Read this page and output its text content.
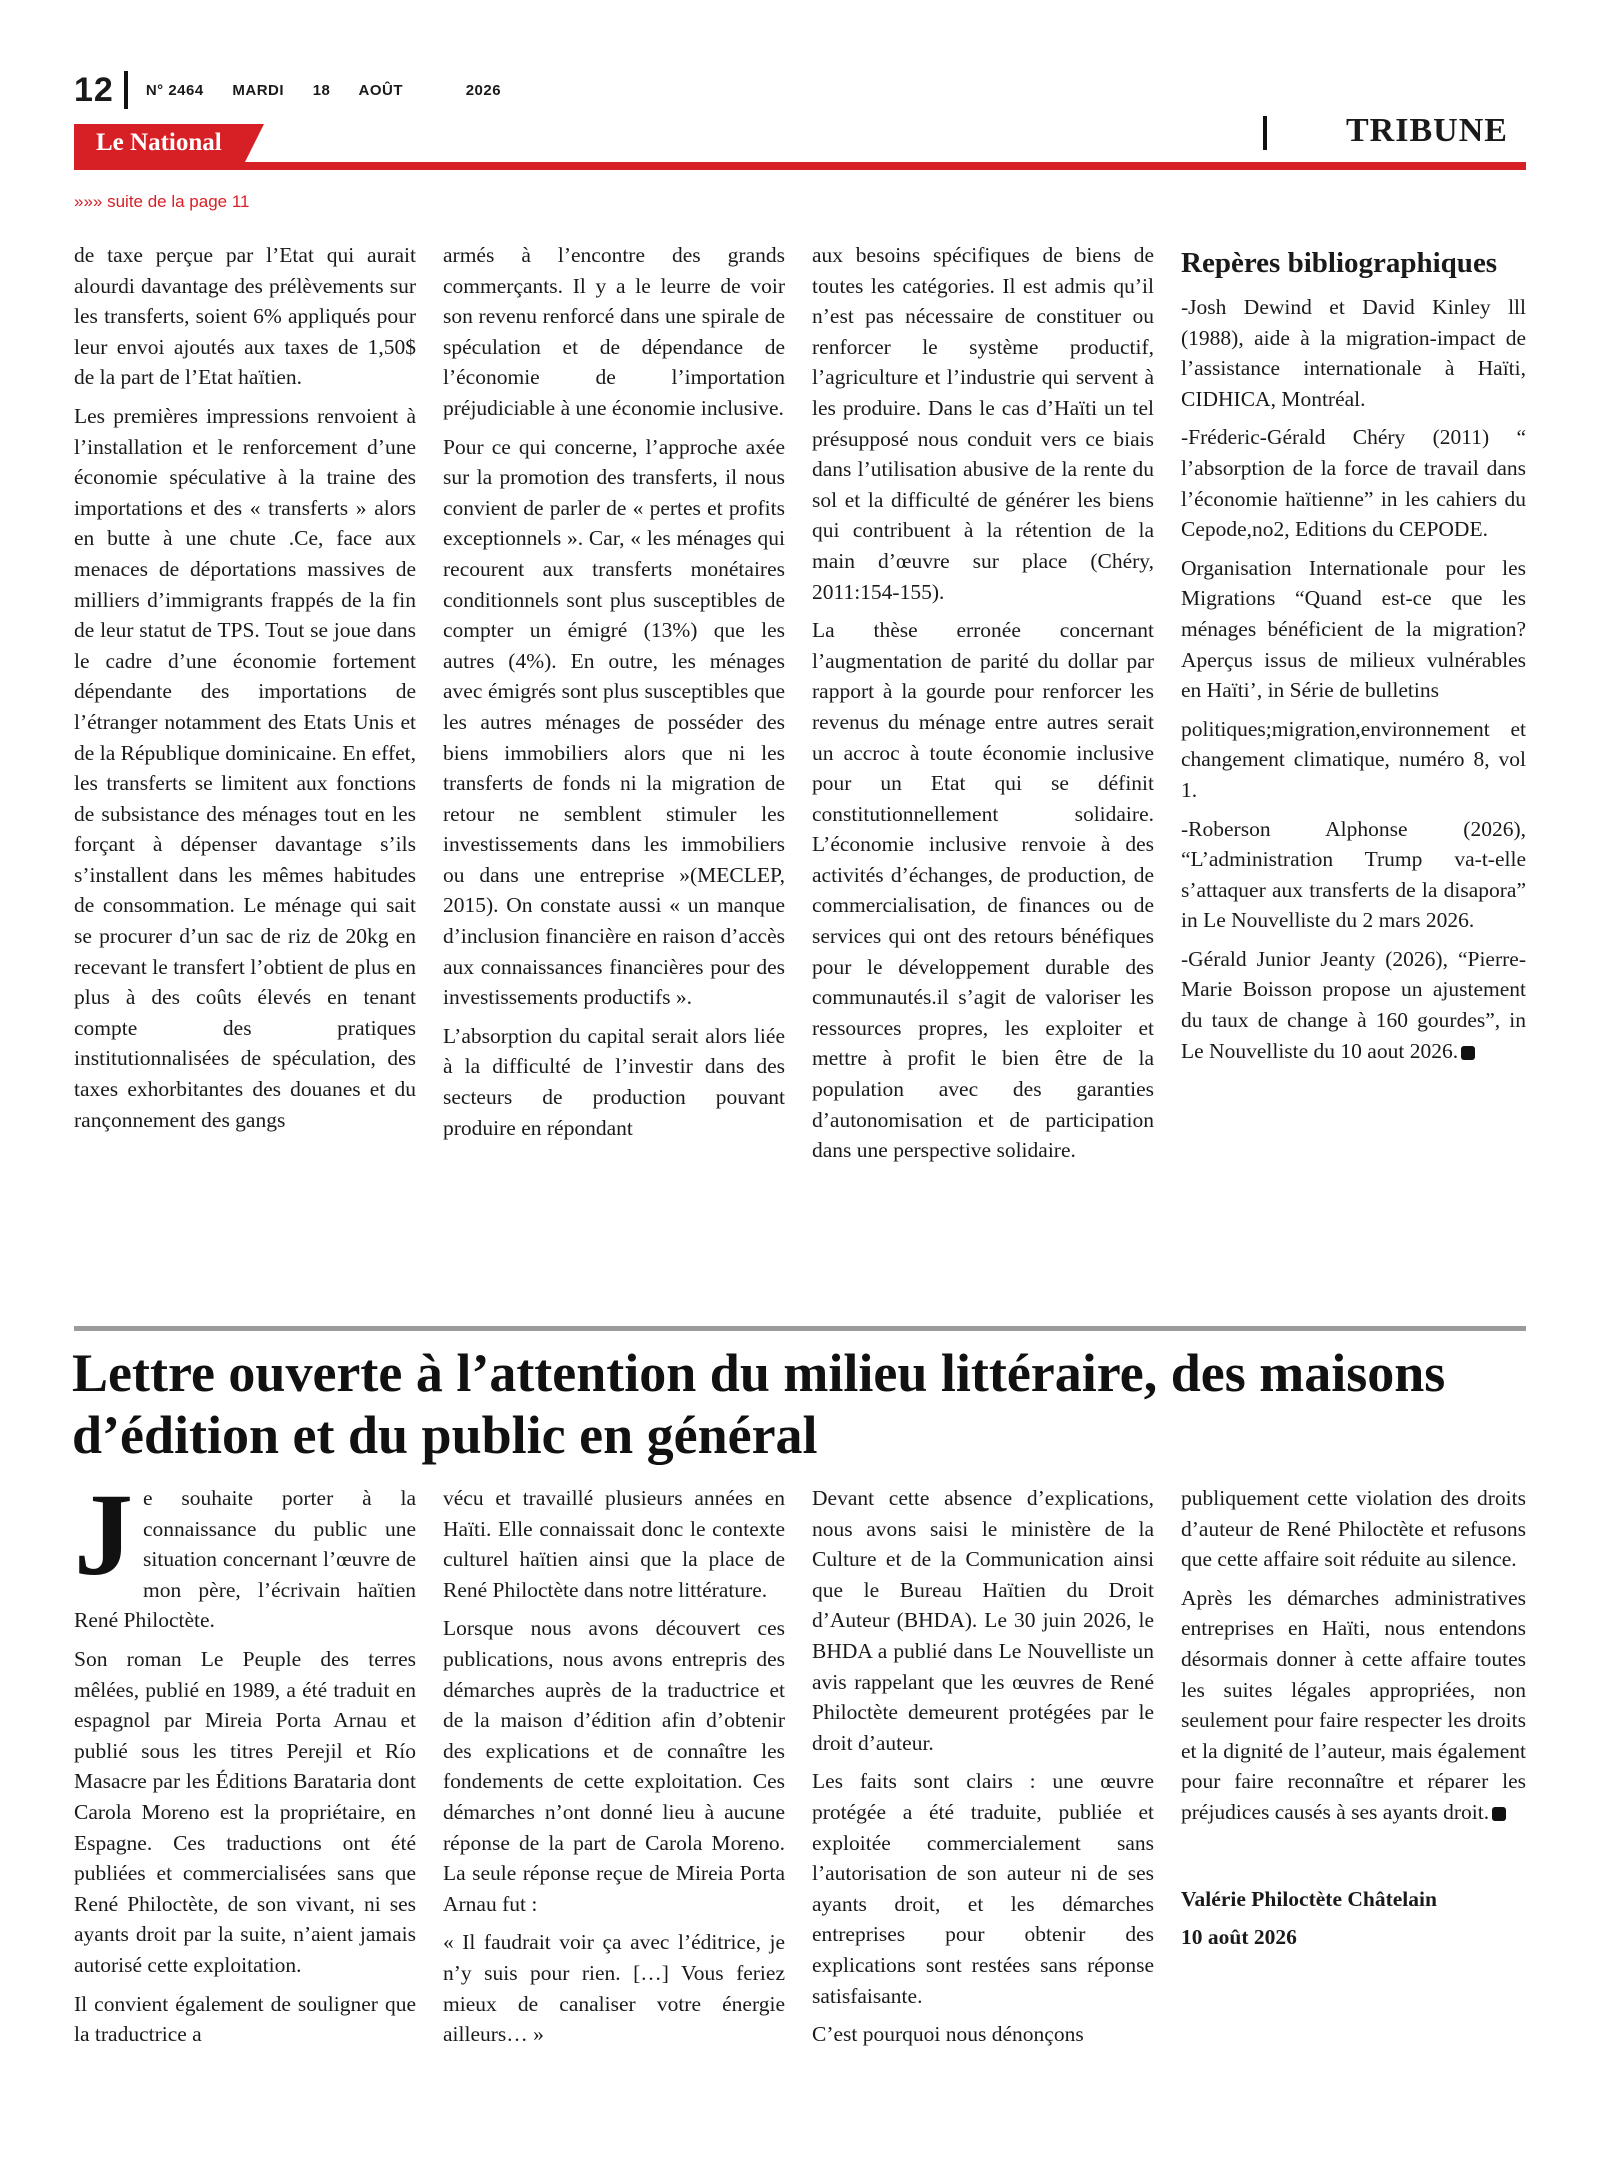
12 N° 2464 MARDI 18 AOÛT	2026
Le National	TRIBUNE
»»» suite de la page 11

de taxe perçue par l’Etat qui aurait alourdi davantage des prélèvements sur les transferts, soient 6% appliqués pour leur envoi ajoutés aux taxes de 1,50$ de la part de l’Etat haïtien.

Les premières impressions renvoient à l’installation et le renforcement d’une économie spéculative à la traine des importations et des « transferts » alors en butte à une chute .Ce, face aux menaces de déportations massives de milliers d’immigrants frappés de la fin de leur statut de TPS. Tout se joue dans le cadre d’une économie fortement dépendante des importations de l’étranger notamment des Etats Unis et de la République dominicaine. En effet, les transferts se limitent aux fonctions de subsistance des ménages tout en les forçant à dépenser davantage s’ils s’installent dans les mêmes habitudes de consommation. Le ménage qui sait se procurer d’un sac de riz de 20kg en recevant le transfert l’obtient de plus en plus à des coûts élevés en tenant compte des pratiques institutionnalisées de spéculation, des taxes exhorbitantes des douanes et du rançonnement des gangs

armés à l’encontre des grands commerçants. Il y a le leurre de voir son revenu renforcé dans une spirale de spéculation et de dépendance de l’économie de l’importation préjudiciable à une économie inclusive.

Pour ce qui concerne, l’approche axée sur la promotion des transferts, il nous convient de parler de « pertes et profits exceptionnels ». Car, « les ménages qui recourent aux transferts monétaires conditionnels sont plus susceptibles de compter un émigré (13%) que les autres (4%). En outre, les ménages avec émigrés sont plus susceptibles que les autres ménages de posséder des biens immobiliers alors que ni les transferts de fonds ni la migration de retour ne semblent stimuler les investissements dans les immobiliers ou dans une entreprise »(MECLEP, 2015). On constate aussi « un manque d’inclusion financière en raison d’accès aux connaissances financières pour des investissements productifs ».

L’absorption du capital serait alors liée à la difficulté de l’investir dans des secteurs de production pouvant produire en répondant

aux besoins spécifiques de biens de toutes les catégories. Il est admis qu’il n’est pas nécessaire de constituer ou renforcer le système productif, l’agriculture et l’industrie qui servent à les produire. Dans le cas d’Haïti un tel présupposé nous conduit vers ce biais dans l’utilisation abusive de la rente du sol et la difficulté de générer les biens qui contribuent à la rétention de la main d’œuvre sur place (Chéry, 2011:154-155).

La thèse erronée concernant l’augmentation de parité du dollar par rapport à la gourde pour renforcer les revenus du ménage entre autres serait un accroc à toute économie inclusive pour un Etat qui se définit constitutionnellement solidaire. L’économie inclusive renvoie à des activités d’échanges, de production, de commercialisation, de finances ou de services qui ont des retours bénéfiques pour le développement durable des communautés.il s’agit de valoriser les ressources propres, les exploiter et mettre à profit le bien être de la population avec des garanties d’autonomisation et de participation dans une perspective solidaire.

Repères bibliographiques

-Josh Dewind et David Kinley lll (1988), aide à la migration-impact de l’assistance internationale à Haïti, CIDHICA, Montréal.

-Fréderic-Gérald Chéry (2011) “ l’absorption de la force de travail dans l’économie haïtienne” in les cahiers du Cepode,no2, Editions du CEPODE.

Organisation Internationale pour les Migrations “Quand est-ce que les ménages bénéficient de la migration?Aperçus issus de milieux vulnérables en Haïti’, in Série de bulletins

politiques;migration,environnement et changement climatique, numéro 8, vol 1.

-Roberson Alphonse (2026), “L’administration Trump va-t-elle s’attaquer aux transferts de la disapora” in Le Nouvelliste du 2 mars 2026.

-Gérald Junior Jeanty (2026), “Pierre-Marie Boisson propose un ajustement du taux de change à 160 gourdes”, in Le Nouvelliste du 10 aout 2026.

Lettre ouverte à l’attention du milieu littéraire, des maisons d’édition et du public en général

Je souhaite porter à la connaissance du public une situation concernant l’œuvre de mon père, l’écrivain haïtien René Philoctète.

Son roman Le Peuple des terres mêlées, publié en 1989, a été traduit en espagnol par Mireia Porta Arnau et publié sous les titres Perejil et Río Masacre par les Éditions Barataria dont Carola Moreno est la propriétaire, en Espagne. Ces traductions ont été publiées et commercialisées sans que René Philoctète, de son vivant, ni ses ayants droit par la suite, n’aient jamais autorisé cette exploitation.

Il convient également de souligner que la traductrice a

vécu et travaillé plusieurs années en Haïti. Elle connaissait donc le contexte culturel haïtien ainsi que la place de René Philoctète dans notre littérature.

Lorsque nous avons découvert ces publications, nous avons entrepris des démarches auprès de la traductrice et de la maison d’édition afin d’obtenir des explications et de connaître les fondements de cette exploitation. Ces démarches n’ont donné lieu à aucune réponse de la part de Carola Moreno. La seule réponse reçue de Mireia Porta Arnau fut :

« Il faudrait voir ça avec l’éditrice, je n’y suis pour rien. […] Vous feriez mieux de canaliser votre énergie ailleurs… »

Devant cette absence d’explications, nous avons saisi le ministère de la Culture et de la Communication ainsi que le Bureau Haïtien du Droit d’Auteur (BHDA). Le 30 juin 2026, le BHDA a publié dans Le Nouvelliste un avis rappelant que les œuvres de René Philoctète demeurent protégées par le droit d’auteur.

Les faits sont clairs : une œuvre protégée a été traduite, publiée et exploitée commercialement sans l’autorisation de son auteur ni de ses ayants droit, et les démarches entreprises pour obtenir des explications sont restées sans réponse satisfaisante.

C’est pourquoi nous dénonçons

publiquement cette violation des droits d’auteur de René Philoctète et refusons que cette affaire soit réduite au silence.

Après les démarches administratives entreprises en Haïti, nous entendons désormais donner à cette affaire toutes les suites légales appropriées, non seulement pour faire respecter les droits et la dignité de l’auteur, mais également pour faire reconnaître et réparer les préjudices causés à ses ayants droit.

Valérie Philoctète Châtelain

10 août 2026
